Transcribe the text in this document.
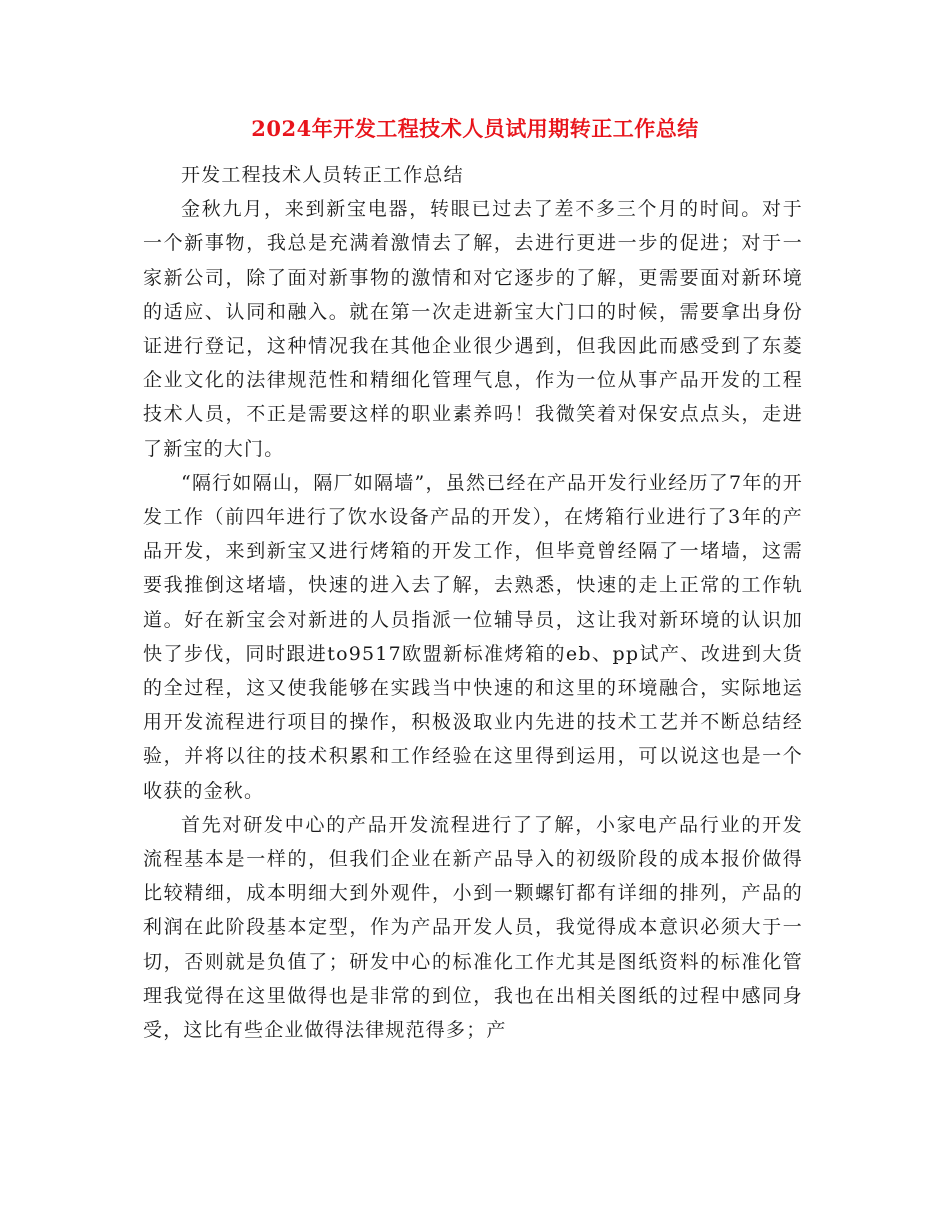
2024年开发工程技术人员试用期转正工作总结

开发工程技术人员转正工作总结

金秋九月，来到新宝电器，转眼已过去了差不多三个月的时间。对于一个新事物，我总是充满着激情去了解，去进行更进一步的促进；对于一家新公司，除了面对新事物的激情和对它逐步的了解，更需要面对新环境的适应、认同和融入。就在第一次走进新宝大门口的时候，需要拿出身份证进行登记，这种情况我在其他企业很少遇到，但我因此而感受到了东菱企业文化的法律规范性和精细化管理气息，作为一位从事产品开发的工程技术人员，不正是需要这样的职业素养吗！我微笑着对保安点点头，走进了新宝的大门。

“隔行如隔山，隔厂如隔墙”，虽然已经在产品开发行业经历了7年的开发工作（前四年进行了饮水设备产品的开发），在烤箱行业进行了3年的产品开发，来到新宝又进行烤箱的开发工作，但毕竟曾经隔了一堵墙，这需要我推倒这堵墙，快速的进入去了解，去熟悉，快速的走上正常的工作轨道。好在新宝会对新进的人员指派一位辅导员，这让我对新环境的认识加快了步伐，同时跟进to9517欧盟新标准烤箱的eb、pp试产、改进到大货的全过程，这又使我能够在实践当中快速的和这里的环境融合，实际地运用开发流程进行项目的操作，积极汲取业内先进的技术工艺并不断总结经验，并将以往的技术积累和工作经验在这里得到运用，可以说这也是一个收获的金秋。

首先对研发中心的产品开发流程进行了了解，小家电产品行业的开发流程基本是一样的，但我们企业在新产品导入的初级阶段的成本报价做得比较精细，成本明细大到外观件，小到一颗螺钉都有详细的排列，产品的利润在此阶段基本定型，作为产品开发人员，我觉得成本意识必须大于一切，否则就是负值了；研发中心的标准化工作尤其是图纸资料的标准化管理我觉得在这里做得也是非常的到位，我也在出相关图纸的过程中感同身受，这比有些企业做得法律规范得多；产
